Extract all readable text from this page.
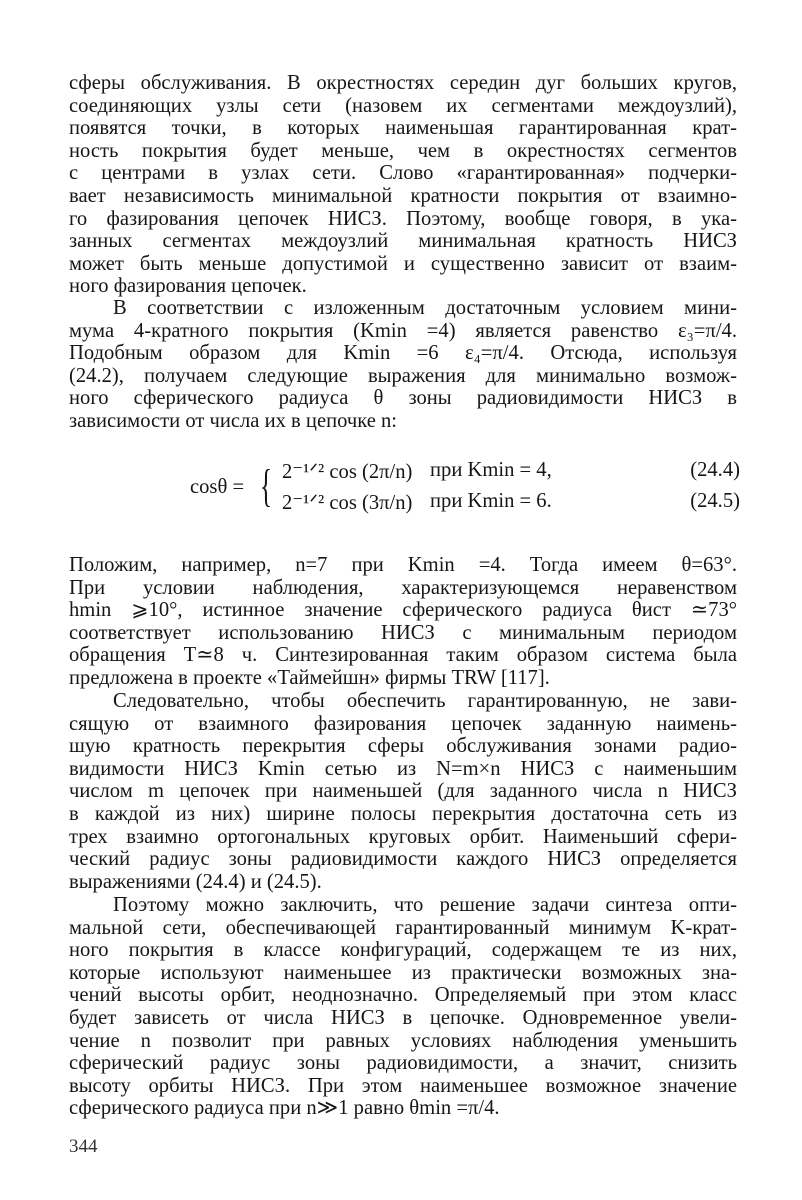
сферы обслуживания. В окрестностях середин дуг больших кругов,
соединяющих узлы сети (назовем их сегментами междоузлий),
появятся точки, в которых наименьшая гарантированная крат-
ность покрытия будет меньше, чем в окрестностях сегментов
с центрами в узлах сети. Слово «гарантированная» подчерки-
вает независимость минимальной кратности покрытия от взаимно-
го фазирования цепочек НИСЗ. Поэтому, вообще говоря, в ука-
занных сегментах междоузлий минимальная кратность НИСЗ
может быть меньше допустимой и существенно зависит от взаим-
ного фазирования цепочек.
В соответствии с изложенным достаточным условием мини-
мума 4-кратного покрытия (Kmin =4) является равенство ε₃=π/4.
Подобным образом для Kmin =6 ε₄=π/4. Отсюда, используя
(24.2), получаем следующие выражения для минимально возмож-
ного сферического радиуса θ зоны радиовидимости НИСЗ в
зависимости от числа их в цепочке n:
cosθ = { 2⁻¹ᐟ² cos (2π/n) при Kmin = 4,	(24.4)
2⁻¹ᐟ² cos (3π/n) при Kmin = 6.	(24.5)
Положим, например, n=7 при Kmin =4. Тогда имеем θ=63°.
При условии наблюдения, характеризующемся неравенством
hmin ⩾10°, истинное значение сферического радиуса θист ≃73°
соответствует использованию НИСЗ с минимальным периодом
обращения T≃8 ч. Синтезированная таким образом система была
предложена в проекте «Таймейшн» фирмы TRW [117].
Следовательно, чтобы обеспечить гарантированную, не зави-
сящую от взаимного фазирования цепочек заданную наимень-
шую кратность перекрытия сферы обслуживания зонами радио-
видимости НИСЗ Kmin сетью из N=m×n НИСЗ с наименьшим
числом m цепочек при наименьшей (для заданного числа n НИСЗ
в каждой из них) ширине полосы перекрытия достаточна сеть из
трех взаимно ортогональных круговых орбит. Наименьший сфери-
ческий радиус зоны радиовидимости каждого НИСЗ определяется
выражениями (24.4) и (24.5).
Поэтому можно заключить, что решение задачи синтеза опти-
мальной сети, обеспечивающей гарантированный минимум K-крат-
ного покрытия в классе конфигураций, содержащем те из них,
которые используют наименьшее из практически возможных зна-
чений высоты орбит, неоднозначно. Определяемый при этом класс
будет зависеть от числа НИСЗ в цепочке. Одновременное увели-
чение n позволит при равных условиях наблюдения уменьшить
сферический радиус зоны радиовидимости, а значит, снизить
высоту орбиты НИСЗ. При этом наименьшее возможное значение
сферического радиуса при n≫1 равно θmin =π/4.
344
